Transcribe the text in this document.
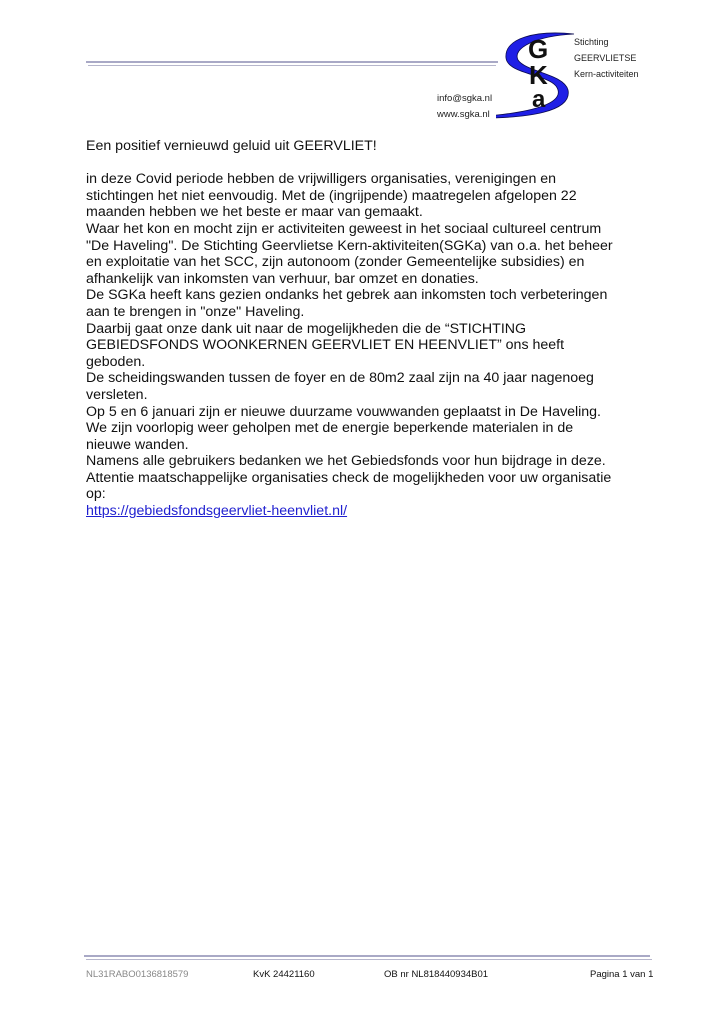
G
K
a
Stichting
GEERVLIETSE
Kern-activiteiten
info@sgka.nl
www.sgka.nl

Een positief vernieuwd geluid uit GEERVLIET!

in deze Covid periode hebben de vrijwilligers organisaties, verenigingen en

stichtingen het niet eenvoudig. Met de (ingrijpende) maatregelen afgelopen 22

maanden hebben we het beste er maar van gemaakt.

Waar het kon en mocht zijn er activiteiten geweest in het sociaal cultureel centrum

"De Haveling". De Stichting Geervlietse Kern-aktiviteiten(SGKa) van o.a. het beheer

en exploitatie van het SCC, zijn autonoom (zonder Gemeentelijke subsidies) en

afhankelijk van inkomsten van verhuur, bar omzet en donaties.

De SGKa heeft kans gezien ondanks het gebrek aan inkomsten toch verbeteringen

aan te brengen in "onze" Haveling.

Daarbij gaat onze dank uit naar de mogelijkheden die de “STICHTING

GEBIEDSFONDS WOONKERNEN GEERVLIET EN HEENVLIET” ons heeft

geboden.

De scheidingswanden tussen de foyer en de 80m2 zaal zijn na 40 jaar nagenoeg

versleten.

Op 5 en 6 januari zijn er nieuwe duurzame vouwwanden geplaatst in De Haveling.

We zijn voorlopig weer geholpen met de energie beperkende materialen in de

nieuwe wanden.

Namens alle gebruikers bedanken we het Gebiedsfonds voor hun bijdrage in deze.

Attentie maatschappelijke organisaties check de mogelijkheden voor uw organisatie

op:

https://gebiedsfondsgeervliet-heenvliet.nl/

NL31RABO0136818579	KvK 24421160	OB nr NL818440934B01	Pagina 1 van 1
